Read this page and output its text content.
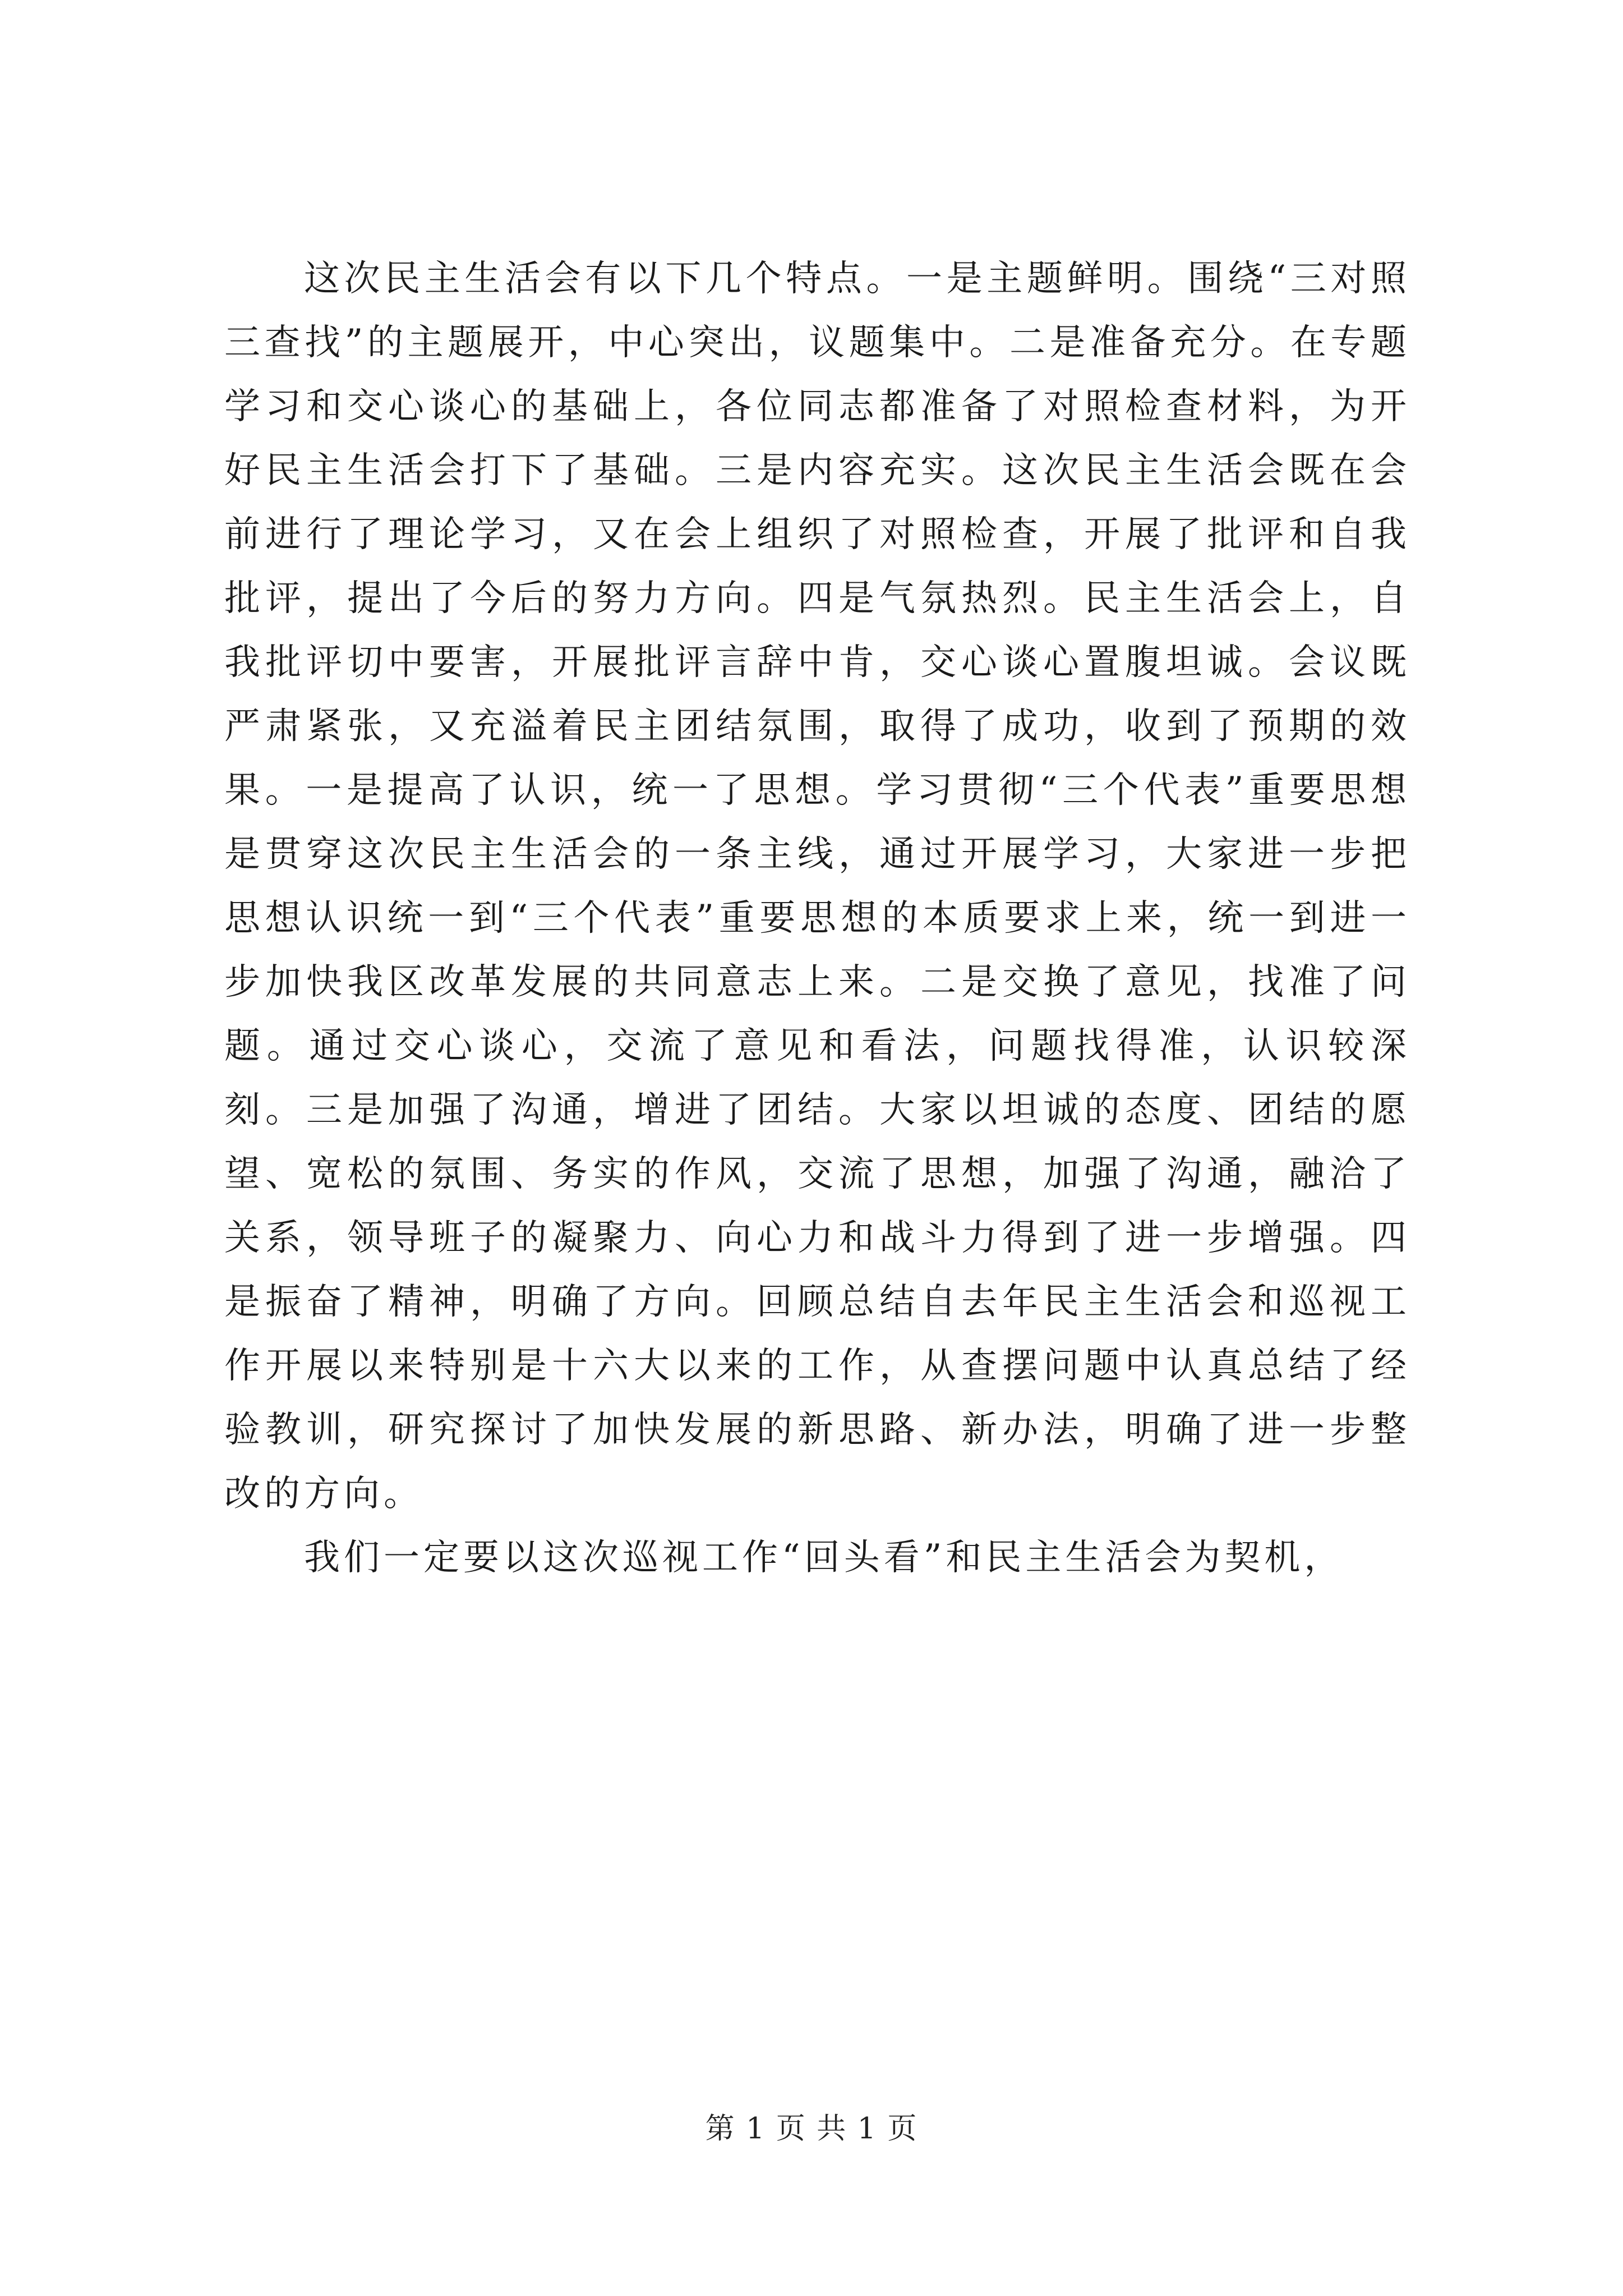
这次民主生活会有以下几个特点。一是主题鲜明。围绕“三对照三查找”的主题展开，中心突出，议题集中。二是准备充分。在专题学习和交心谈心的基础上，各位同志都准备了对照检查材料，为开好民主生活会打下了基础。三是内容充实。这次民主生活会既在会前进行了理论学习，又在会上组织了对照检查，开展了批评和自我批评，提出了今后的努力方向。四是气氛热烈。民主生活会上，自我批评切中要害，开展批评言辞中肯，交心谈心置腹坦诚。会议既严肃紧张，又充溢着民主团结氛围，取得了成功，收到了预期的效果。一是提高了认识，统一了思想。学习贯彻“三个代表”重要思想是贯穿这次民主生活会的一条主线，通过开展学习，大家进一步把思想认识统一到“三个代表”重要思想的本质要求上来，统一到进一步加快我区改革发展的共同意志上来。二是交换了意见，找准了问题。通过交心谈心，交流了意见和看法，问题找得准，认识较深刻。三是加强了沟通，增进了团结。大家以坦诚的态度、团结的愿望、宽松的氛围、务实的作风，交流了思想，加强了沟通，融洽了关系，领导班子的凝聚力、向心力和战斗力得到了进一步增强。四是振奋了精神，明确了方向。回顾总结自去年民主生活会和巡视工作开展以来特别是十六大以来的工作，从查摆问题中认真总结了经验教训，研究探讨了加快发展的新思路、新办法，明确了进一步整改的方向。

我们一定要以这次巡视工作“回头看”和民主生活会为契机，

第 1 页 共 1 页
